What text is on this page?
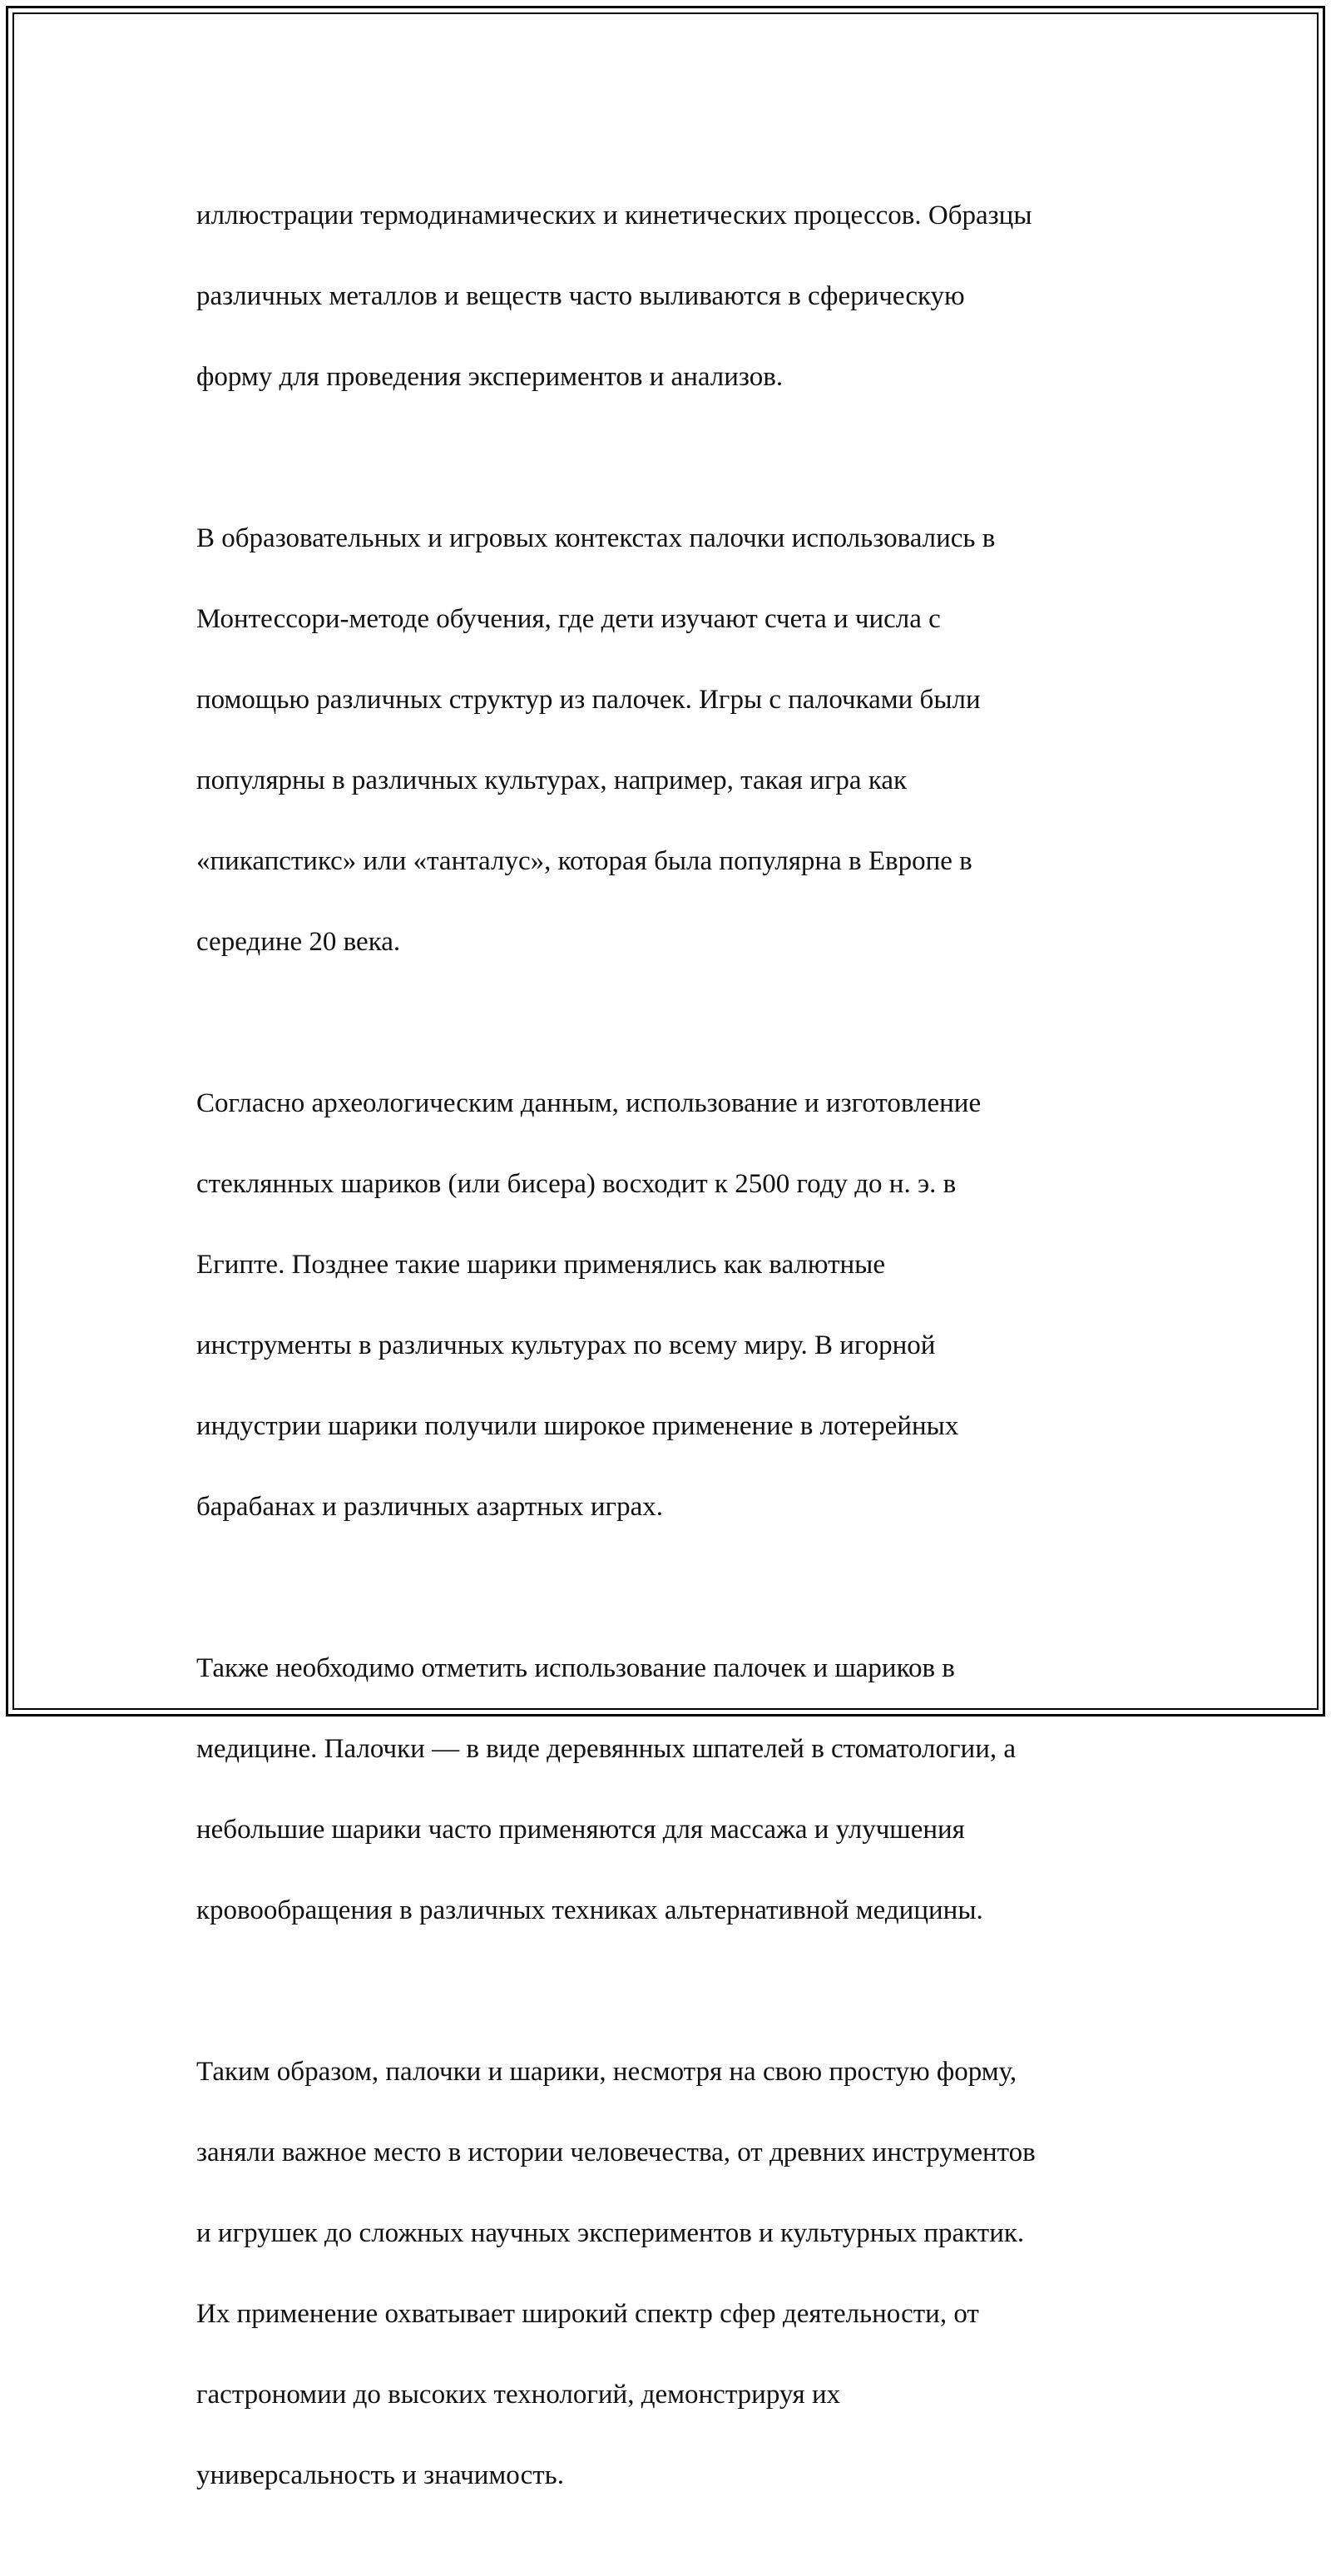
иллюстрации термодинамических и кинетических процессов. Образцы

различных металлов и веществ часто выливаются в сферическую

форму для проведения экспериментов и анализов.

В образовательных и игровых контекстах палочки использовались в

Монтессори-методе обучения, где дети изучают счета и числа с

помощью различных структур из палочек. Игры с палочками были

популярны в различных культурах, например, такая игра как

«пикапстикс» или «танталус», которая была популярна в Европе в

середине 20 века.

Согласно археологическим данным, использование и изготовление

стеклянных шариков (или бисера) восходит к 2500 году до н. э. в

Египте. Позднее такие шарики применялись как валютные

инструменты в различных культурах по всему миру. В игорной

индустрии шарики получили широкое применение в лотерейных

барабанах и различных азартных играх.

Также необходимо отметить использование палочек и шариков в

медицине. Палочки — в виде деревянных шпателей в стоматологии, а

небольшие шарики часто применяются для массажа и улучшения

кровообращения в различных техниках альтернативной медицины.

Таким образом, палочки и шарики, несмотря на свою простую форму,

заняли важное место в истории человечества, от древних инструментов

и игрушек до сложных научных экспериментов и культурных практик.

Их применение охватывает широкий спектр сфер деятельности, от

гастрономии до высоких технологий, демонстрируя их

универсальность и значимость.
